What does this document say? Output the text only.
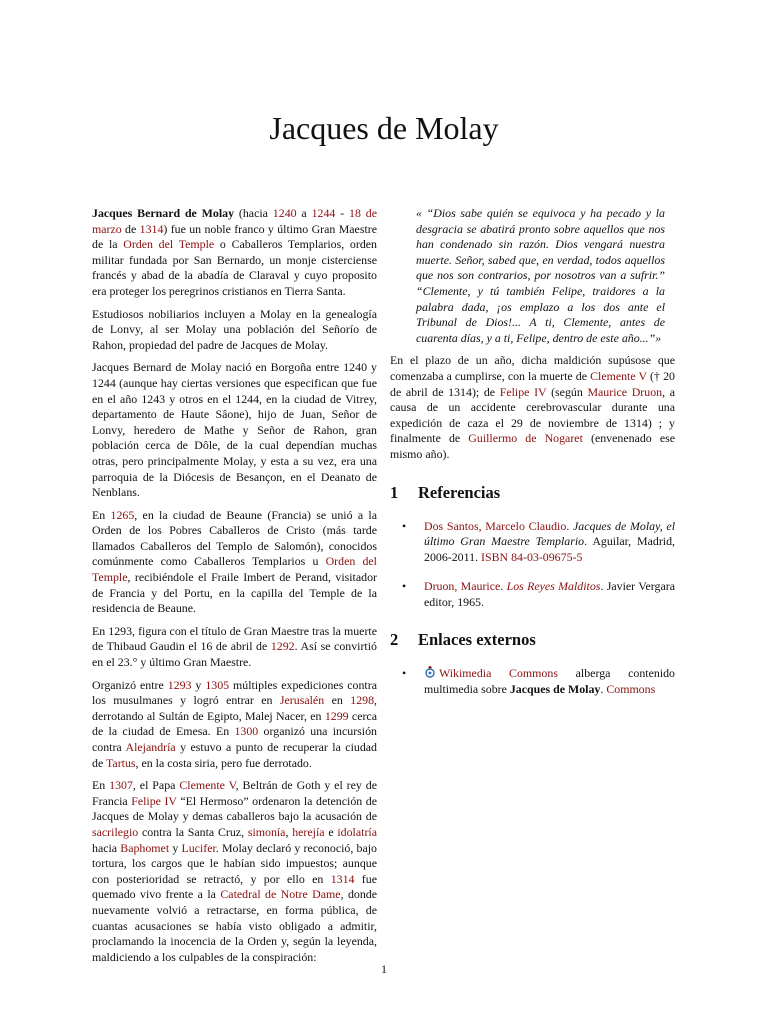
Jacques de Molay

Jacques Bernard de Molay (hacia 1240 a 1244 - 18 de marzo de 1314) fue un noble franco y último Gran Maestre de la Orden del Temple o Caballeros Templarios, orden militar fundada por San Bernardo, un monje cisterciense francés y abad de la abadía de Claraval y cuyo proposito era proteger los peregrinos cristianos en Tierra Santa.

Estudiosos nobiliarios incluyen a Molay en la genealogía de Lonvy, al ser Molay una población del Señorío de Rahon, propiedad del padre de Jacques de Molay.

Jacques Bernard de Molay nació en Borgoña entre 1240 y 1244 (aunque hay ciertas versiones que especifican que fue en el año 1243 y otros en el 1244, en la ciudad de Vitrey, departamento de Haute Sâone), hijo de Juan, Señor de Lonvy, heredero de Mathe y Señor de Rahon, gran población cerca de Dôle, de la cual dependían muchas otras, pero principalmente Molay, y esta a su vez, era una parroquia de la Diócesis de Besançon, en el Deanato de Nenblans.

En 1265, en la ciudad de Beaune (Francia) se unió a la Orden de los Pobres Caballeros de Cristo (más tarde llamados Caballeros del Templo de Salomón), conocidos comúnmente como Caballeros Templarios u Orden del Temple, recibiéndole el Fraile Imbert de Perand, visitador de Francia y del Portu, en la capilla del Temple de la residencia de Beaune.

En 1293, figura con el título de Gran Maestre tras la muerte de Thibaud Gaudin el 16 de abril de 1292. Así se convirtió en el 23.° y último Gran Maestre.

Organizó entre 1293 y 1305 múltiples expediciones contra los musulmanes y logró entrar en Jerusalén en 1298, derrotando al Sultán de Egipto, Malej Nacer, en 1299 cerca de la ciudad de Emesa. En 1300 organizó una incursión contra Alejandría y estuvo a punto de recuperar la ciudad de Tartus, en la costa siria, pero fue derrotado.

En 1307, el Papa Clemente V, Beltrán de Goth y el rey de Francia Felipe IV “El Hermoso” ordenaron la detención de Jacques de Molay y demas caballeros bajo la acusación de sacrilegio contra la Santa Cruz, simonía, herejía e idolatría hacia Baphomet y Lucifer. Molay declaró y reconoció, bajo tortura, los cargos que le habían sido impuestos; aunque con posterioridad se retractó, y por ello en 1314 fue quemado vivo frente a la Catedral de Notre Dame, donde nuevamente volvió a retractarse, en forma pública, de cuantas acusaciones se había visto obligado a admitir, proclamando la inocencia de la Orden y, según la leyenda, maldiciendo a los culpables de la conspiración:

« “Dios sabe quién se equivoca y ha pecado y la desgracia se abatirá pronto sobre aquellos que nos han condenado sin razón. Dios vengará nuestra muerte. Señor, sabed que, en verdad, todos aquellos que nos son contrarios, por nosotros van a sufrir.” “Clemente, y tú también Felipe, traidores a la palabra dada, ¡os emplazo a los dos ante el Tribunal de Dios!... A ti, Clemente, antes de cuarenta días, y a ti, Felipe, dentro de este año...”»

En el plazo de un año, dicha maldición supúsose que comenzaba a cumplirse, con la muerte de Clemente V († 20 de abril de 1314); de Felipe IV (según Maurice Druon, a causa de un accidente cerebrovascular durante una expedición de caza el 29 de noviembre de 1314) ; y finalmente de Guillermo de Nogaret (envenenado ese mismo año).

1 Referencias
• Dos Santos, Marcelo Claudio. Jacques de Molay, el último Gran Maestre Templario. Aguilar, Madrid, 2006-2011. ISBN 84-03-09675-5
• Druon, Maurice. Los Reyes Malditos. Javier Vergara editor, 1965.
2 Enlaces externos
•	Wikimedia Commons alberga contenido multimedia sobre Jacques de Molay. Commons
1
